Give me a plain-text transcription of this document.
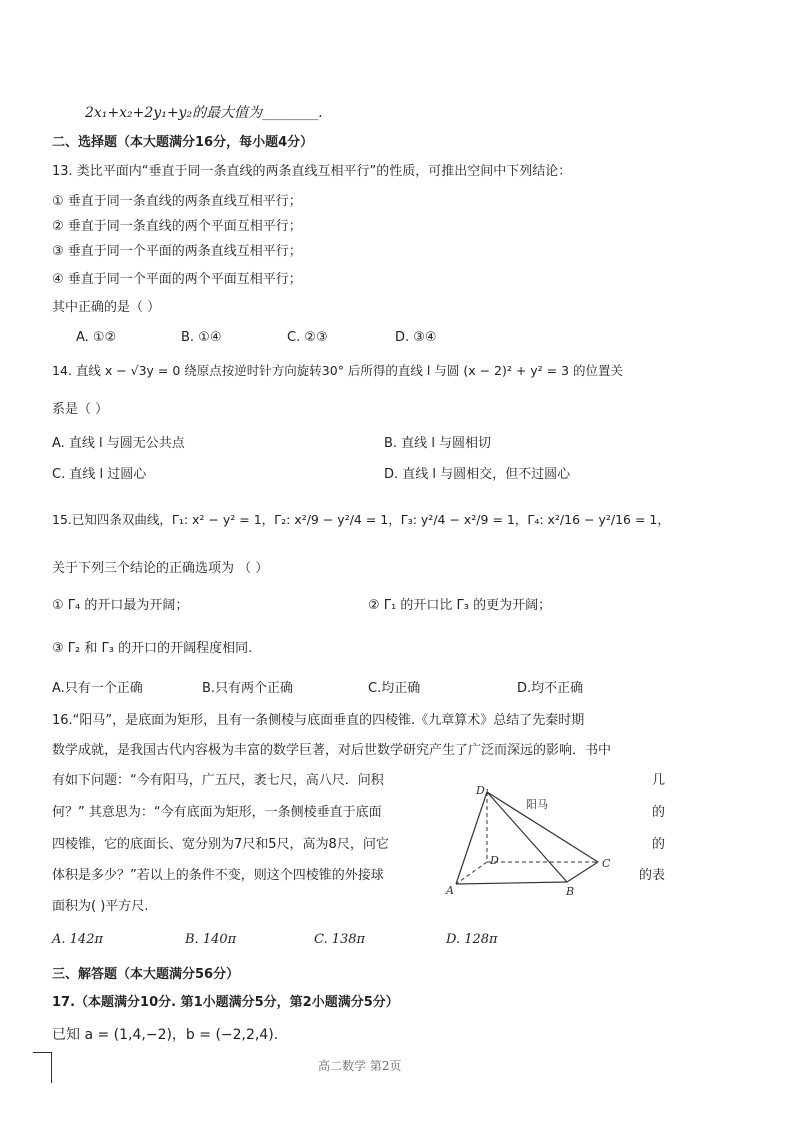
2x₁+x₂+2y₁+y₂的最大值为________.
二、选择题（本大题满分16分，每小题4分）
13. 类比平面内“垂直于同一条直线的两条直线互相平行”的性质，可推出空间中下列结论：
① 垂直于同一条直线的两条直线互相平行；
② 垂直于同一条直线的两个平面互相平行；
③ 垂直于同一个平面的两条直线互相平行；
④ 垂直于同一个平面的两个平面互相平行；
其中正确的是（ ）
A. ①②	B. ①④	C. ②③	D. ③④
14. 直线 x − √3y = 0 绕原点按逆时针方向旋转30° 后所得的直线 l 与圆 (x − 2)² + y² = 3 的位置关
系是（ ）
A. 直线 l 与圆无公共点	B. 直线 l 与圆相切
C. 直线 l 过圆心	D. 直线 l 与圆相交，但不过圆心
15.已知四条双曲线，Γ₁: x² − y² = 1，Γ₂: x²/9 − y²/4 = 1，Γ₃: y²/4 − x²/9 = 1，Γ₄: x²/16 − y²/16 = 1，
关于下列三个结论的正确选项为 （ ）
① Γ₄ 的开口最为开阔；	② Γ₁ 的开口比 Γ₃ 的更为开阔；
③ Γ₂ 和 Γ₃ 的开口的开阔程度相同.
A.只有一个正确	B.只有两个正确	C.均正确	D.均不正确
16.“阳马”，是底面为矩形，且有一条侧棱与底面垂直的四棱锥.《九章算术》总结了先秦时期
数学成就，是我国古代内容极为丰富的数学巨著，对后世数学研究产生了广泛而深远的影响．书中
有如下问题：“今有阳马，广五尺，袤七尺，高八尺．问积	几
何？” 其意思为：“今有底面为矩形，一条侧棱垂直于底面	的
四棱锥，它的底面长、宽分别为7尺和5尺，高为8尺，问它	的
体积是多少？”若以上的条件不变，则这个四棱锥的外接球	的表
面积为( )平方尺.
A. 142π	B. 140π	C. 138π	D. 128π
阳马
D₁
D
A	B
C
三、解答题（本大题满分56分）
17.（本题满分10分. 第1小题满分5分，第2小题满分5分）
已知 a = (1,4,−2)，b = (−2,2,4).
高二数学 第2页
